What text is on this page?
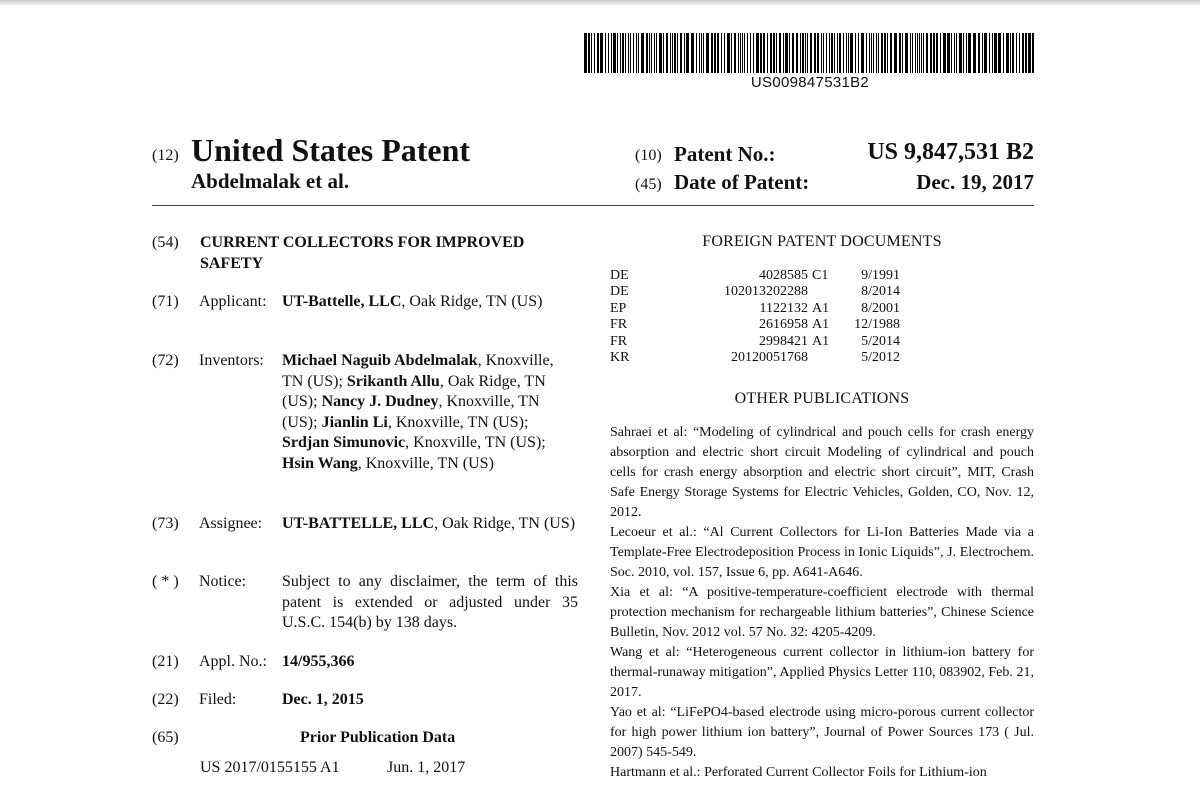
US009847531B2
(12) United States Patent
Abdelmalak et al.
(10) Patent No.:	US 9,847,531 B2
(45) Date of Patent:	Dec. 19, 2017
(54) CURRENT COLLECTORS FOR IMPROVED SAFETY
(71) Applicant: UT-Battelle, LLC, Oak Ridge, TN (US)
(72) Inventors: Michael Naguib Abdelmalak, Knoxville, TN (US); Srikanth Allu, Oak Ridge, TN (US); Nancy J. Dudney, Knoxville, TN (US); Jianlin Li, Knoxville, TN (US); Srdjan Simunovic, Knoxville, TN (US); Hsin Wang, Knoxville, TN (US)
(73) Assignee: UT-BATTELLE, LLC, Oak Ridge, TN (US)
( * ) Notice: Subject to any disclaimer, the term of this patent is extended or adjusted under 35 U.S.C. 154(b) by 138 days.
(21) Appl. No.: 14/955,366
(22) Filed:	Dec. 1, 2015
(65)	Prior Publication Data
US 2017/0155155 A1	Jun. 1, 2017
FOREIGN PATENT DOCUMENTS
DE	4028585	C1	9/1991
DE	102013202288		8/2014
EP	1122132	A1	8/2001
FR	2616958	A1	12/1988
FR	2998421	A1	5/2014
KR	20120051768		5/2012
OTHER PUBLICATIONS
Sahraei et al: “Modeling of cylindrical and pouch cells for crash energy absorption and electric short circuit Modeling of cylindrical and pouch cells for crash energy absorption and electric short circuit”, MIT, Crash Safe Energy Storage Systems for Electric Vehicles, Golden, CO, Nov. 12, 2012.
Lecoeur et al.: “Al Current Collectors for Li-Ion Batteries Made via a Template-Free Electrodeposition Process in Ionic Liquids”, J. Electrochem. Soc. 2010, vol. 157, Issue 6, pp. A641-A646.
Xia et al: “A positive-temperature-coefficient electrode with thermal protection mechanism for rechargeable lithium batteries”, Chinese Science Bulletin, Nov. 2012 vol. 57 No. 32: 4205-4209.
Wang et al: “Heterogeneous current collector in lithium-ion battery for thermal-runaway mitigation”, Applied Physics Letter 110, 083902, Feb. 21, 2017.
Yao et al: “LiFePO4-based electrode using micro-porous current collector for high power lithium ion battery”, Journal of Power Sources 173 ( Jul. 2007) 545-549.
Hartmann et al.: Perforated Current Collector Foils for Lithium-ion
